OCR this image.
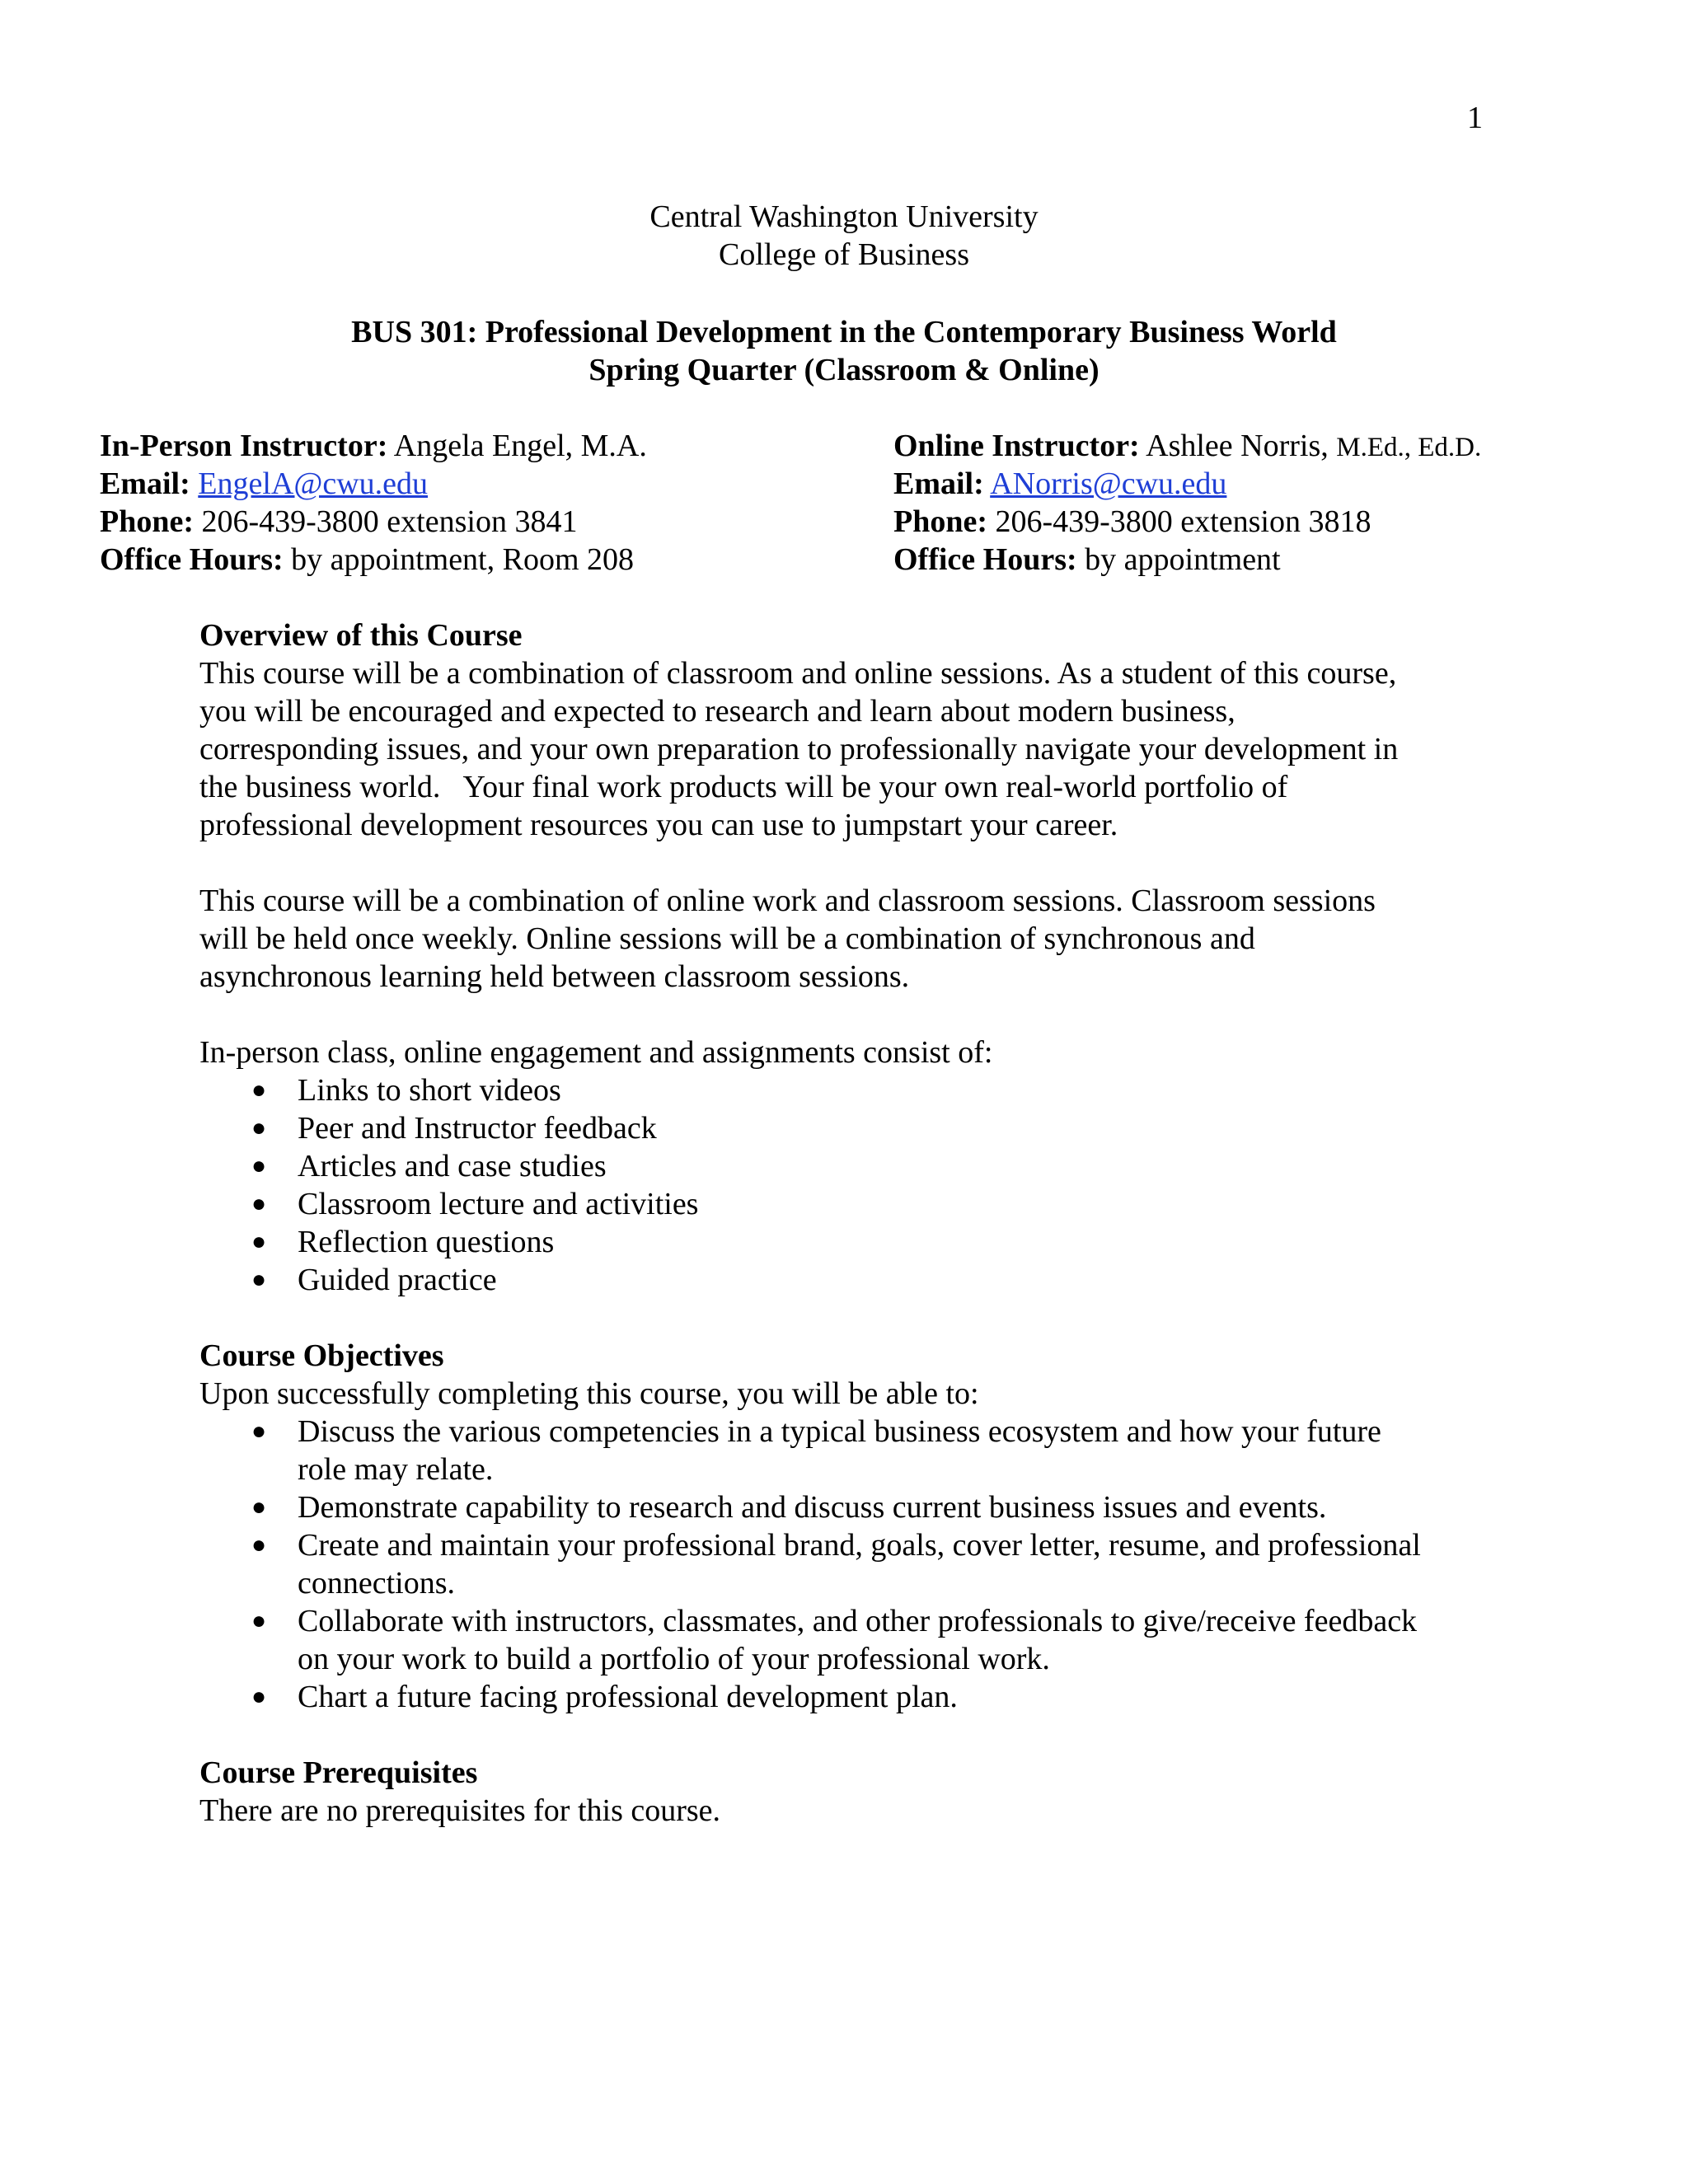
1
Central Washington University
College of Business
BUS 301: Professional Development in the Contemporary Business World
Spring Quarter (Classroom & Online)
In-Person Instructor: Angela Engel, M.A.
Email: EngelA@cwu.edu
Phone: 206-439-3800 extension 3841
Office Hours: by appointment, Room 208
Online Instructor: Ashlee Norris, M.Ed., Ed.D.
Email: ANorris@cwu.edu
Phone: 206-439-3800 extension 3818
Office Hours: by appointment
Overview of this Course
This course will be a combination of classroom and online sessions. As a student of this course,
you will be encouraged and expected to research and learn about modern business,
corresponding issues, and your own preparation to professionally navigate your development in
the business world.   Your final work products will be your own real-world portfolio of
professional development resources you can use to jumpstart your career.
This course will be a combination of online work and classroom sessions. Classroom sessions
will be held once weekly. Online sessions will be a combination of synchronous and
asynchronous learning held between classroom sessions.
In-person class, online engagement and assignments consist of:
● Links to short videos
● Peer and Instructor feedback
● Articles and case studies
● Classroom lecture and activities
● Reflection questions
● Guided practice
Course Objectives
Upon successfully completing this course, you will be able to:
● Discuss the various competencies in a typical business ecosystem and how your future
role may relate.
● Demonstrate capability to research and discuss current business issues and events.
● Create and maintain your professional brand, goals, cover letter, resume, and professional
connections.
● Collaborate with instructors, classmates, and other professionals to give/receive feedback
on your work to build a portfolio of your professional work.
● Chart a future facing professional development plan.
Course Prerequisites
There are no prerequisites for this course.
